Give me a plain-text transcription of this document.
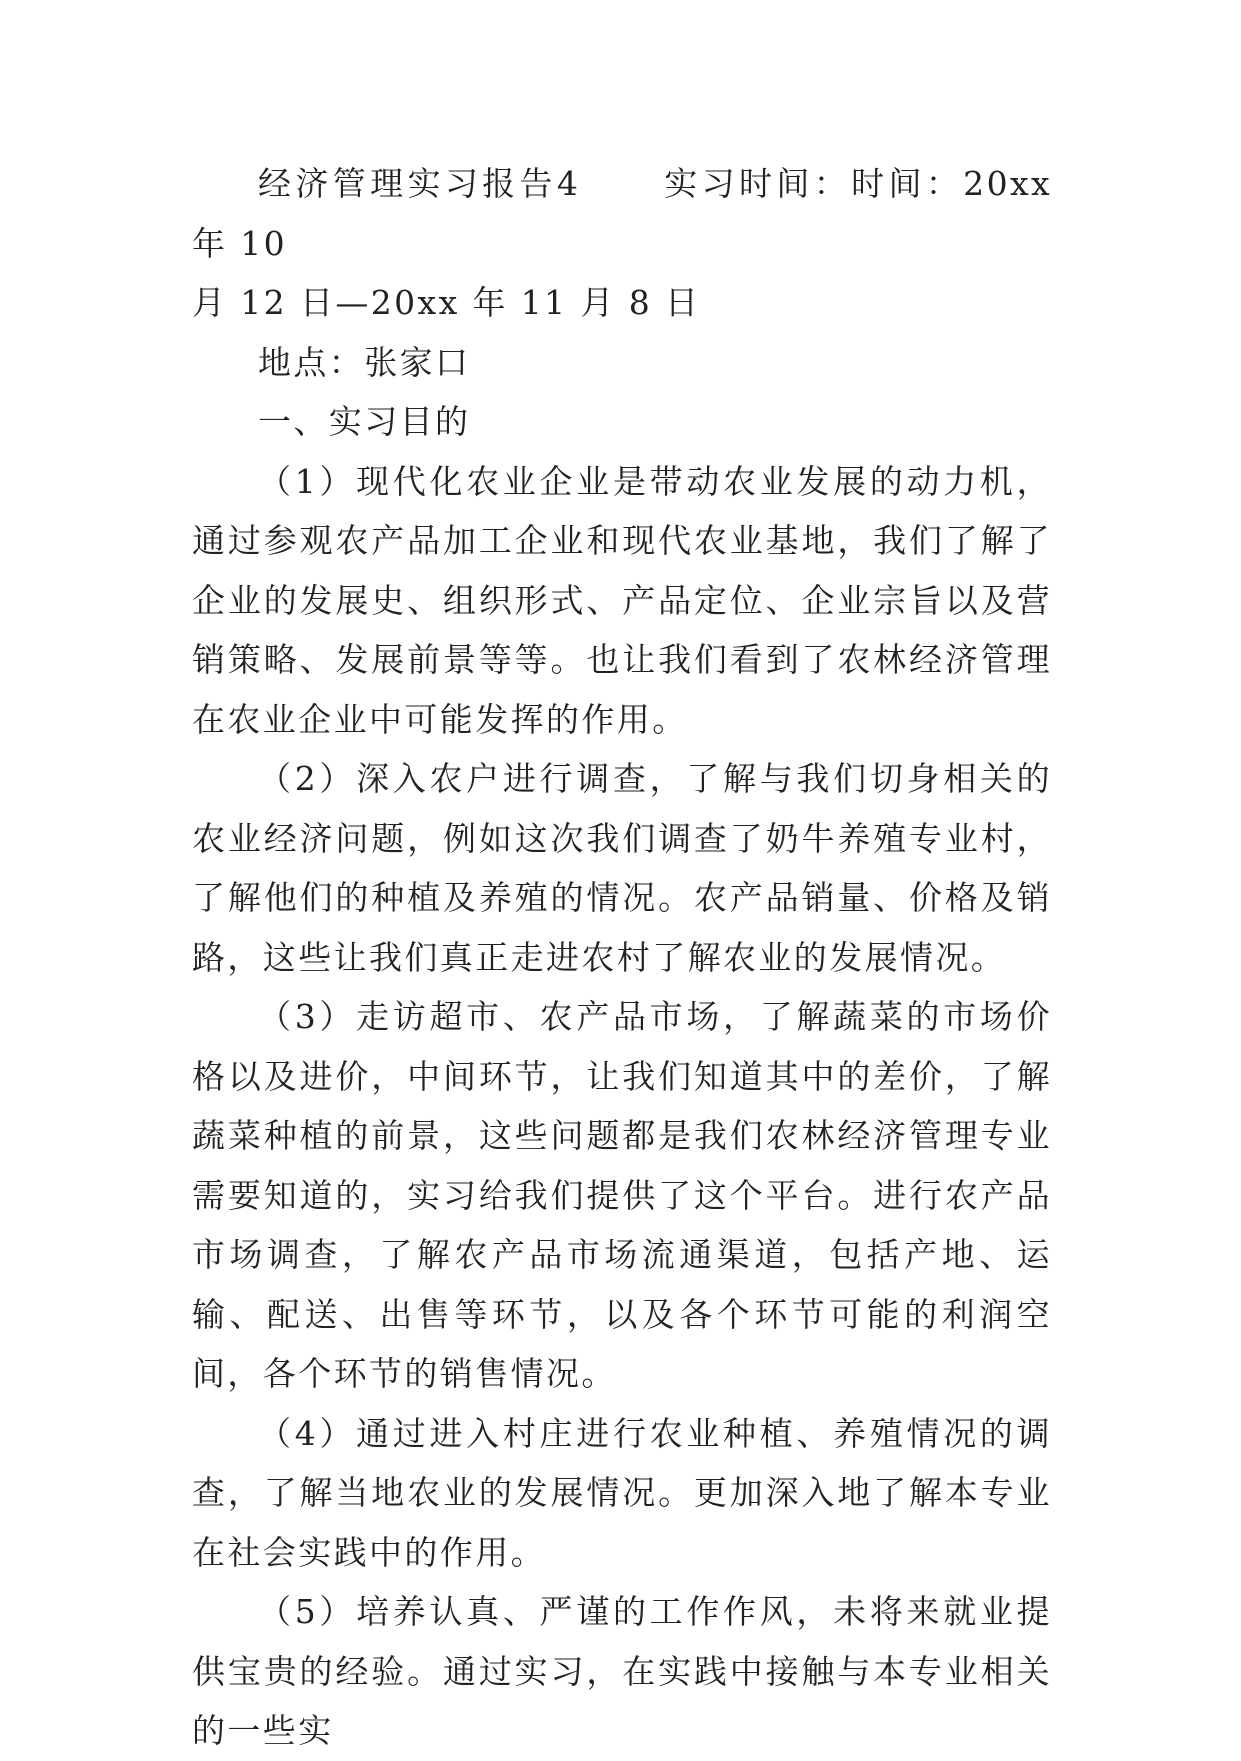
经济管理实习报告4 实习时间：时间：20xx 年 10

月 12 日—20xx 年 11 月 8 日

地点：张家口

一、实习目的

（1）现代化农业企业是带动农业发展的动力机，通过参观农产品加工企业和现代农业基地，我们了解了企业的发展史、组织形式、产品定位、企业宗旨以及营销策略、发展前景等等。也让我们看到了农林经济管理在农业企业中可能发挥的作用。

（2）深入农户进行调查，了解与我们切身相关的农业经济问题，例如这次我们调查了奶牛养殖专业村，了解他们的种植及养殖的情况。农产品销量、价格及销路，这些让我们真正走进农村了解农业的发展情况。

（3）走访超市、农产品市场，了解蔬菜的市场价格以及进价，中间环节，让我们知道其中的差价，了解蔬菜种植的前景，这些问题都是我们农林经济管理专业需要知道的，实习给我们提供了这个平台。进行农产品市场调查，了解农产品市场流通渠道，包括产地、运输、配送、出售等环节，以及各个环节可能的利润空间，各个环节的销售情况。

（4）通过进入村庄进行农业种植、养殖情况的调查，了解当地农业的发展情况。更加深入地了解本专业在社会实践中的作用。

（5）培养认真、严谨的工作作风，未将来就业提供宝贵的经验。通过实习，在实践中接触与本专业相关的一些实
